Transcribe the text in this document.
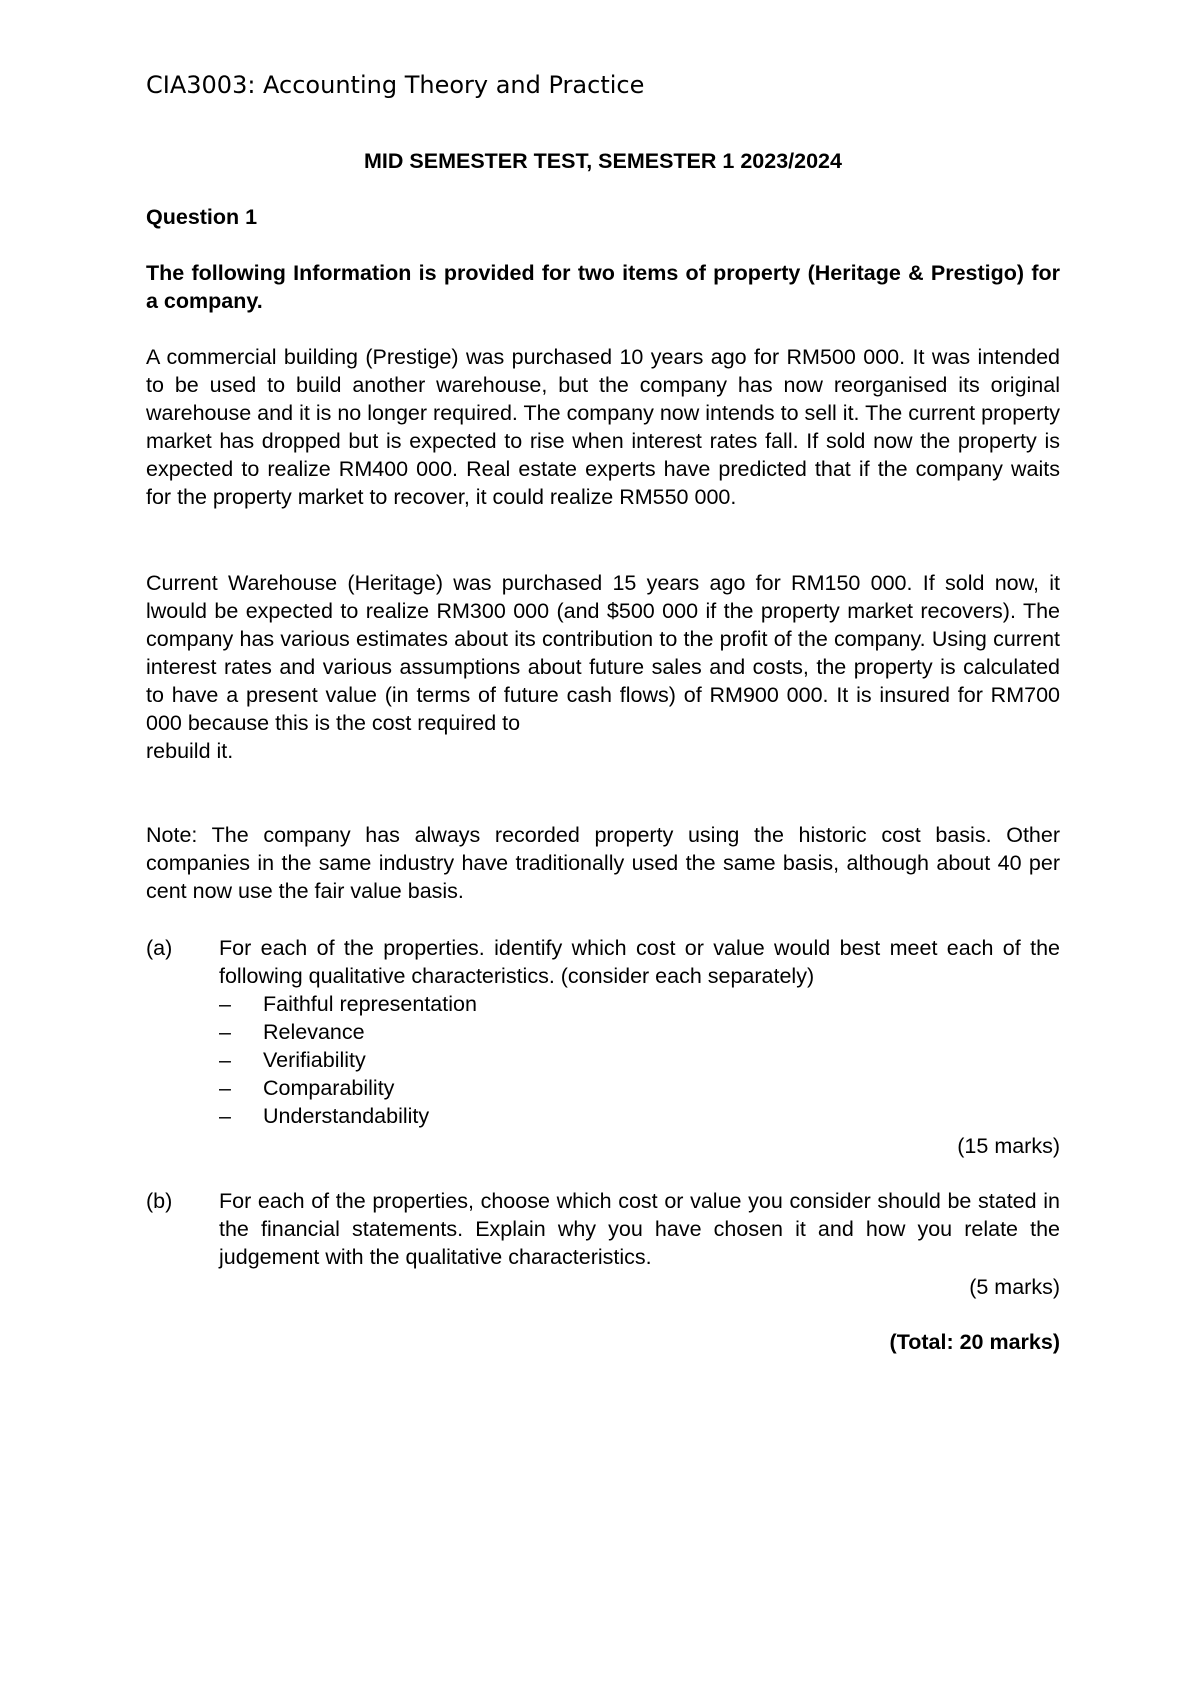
CIA3003: Accounting Theory and Practice
MID SEMESTER TEST, SEMESTER 1 2023/2024
Question 1
The following Information is provided for two items of property (Heritage & Prestigo) for a company.
A commercial building (Prestige) was purchased 10 years ago for RM500 000. It was intended to be used to build another warehouse, but the company has now reorganised its original warehouse and it is no longer required. The company now intends to sell it. The current property market has dropped but is expected to rise when interest rates fall. If sold now the property is expected to realize RM400 000. Real estate experts have predicted that if the company waits for the property market to recover, it could realize RM550 000.
Current Warehouse (Heritage) was purchased 15 years ago for RM150 000. If sold now, it lwould be expected to realize RM300 000 (and $500 000 if the property market recovers). The company has various estimates about its contribution to the profit of the company. Using current interest rates and various assumptions about future sales and costs, the property is calculated to have a present value (in terms of future cash flows) of RM900 000. It is insured for RM700 000 because this is the cost required to
rebuild it.
Note: The company has always recorded property using the historic cost basis. Other companies in the same industry have traditionally used the same basis, although about 40 per cent now use the fair value basis.
(a) For each of the properties. identify which cost or value would best meet each of the following qualitative characteristics. (consider each separately)
– Faithful representation
– Relevance
– Verifiability
– Comparability
– Understandability
(15 marks)
(b) For each of the properties, choose which cost or value you consider should be stated in the financial statements. Explain why you have chosen it and how you relate the judgement with the qualitative characteristics.
(5 marks)
(Total: 20 marks)
